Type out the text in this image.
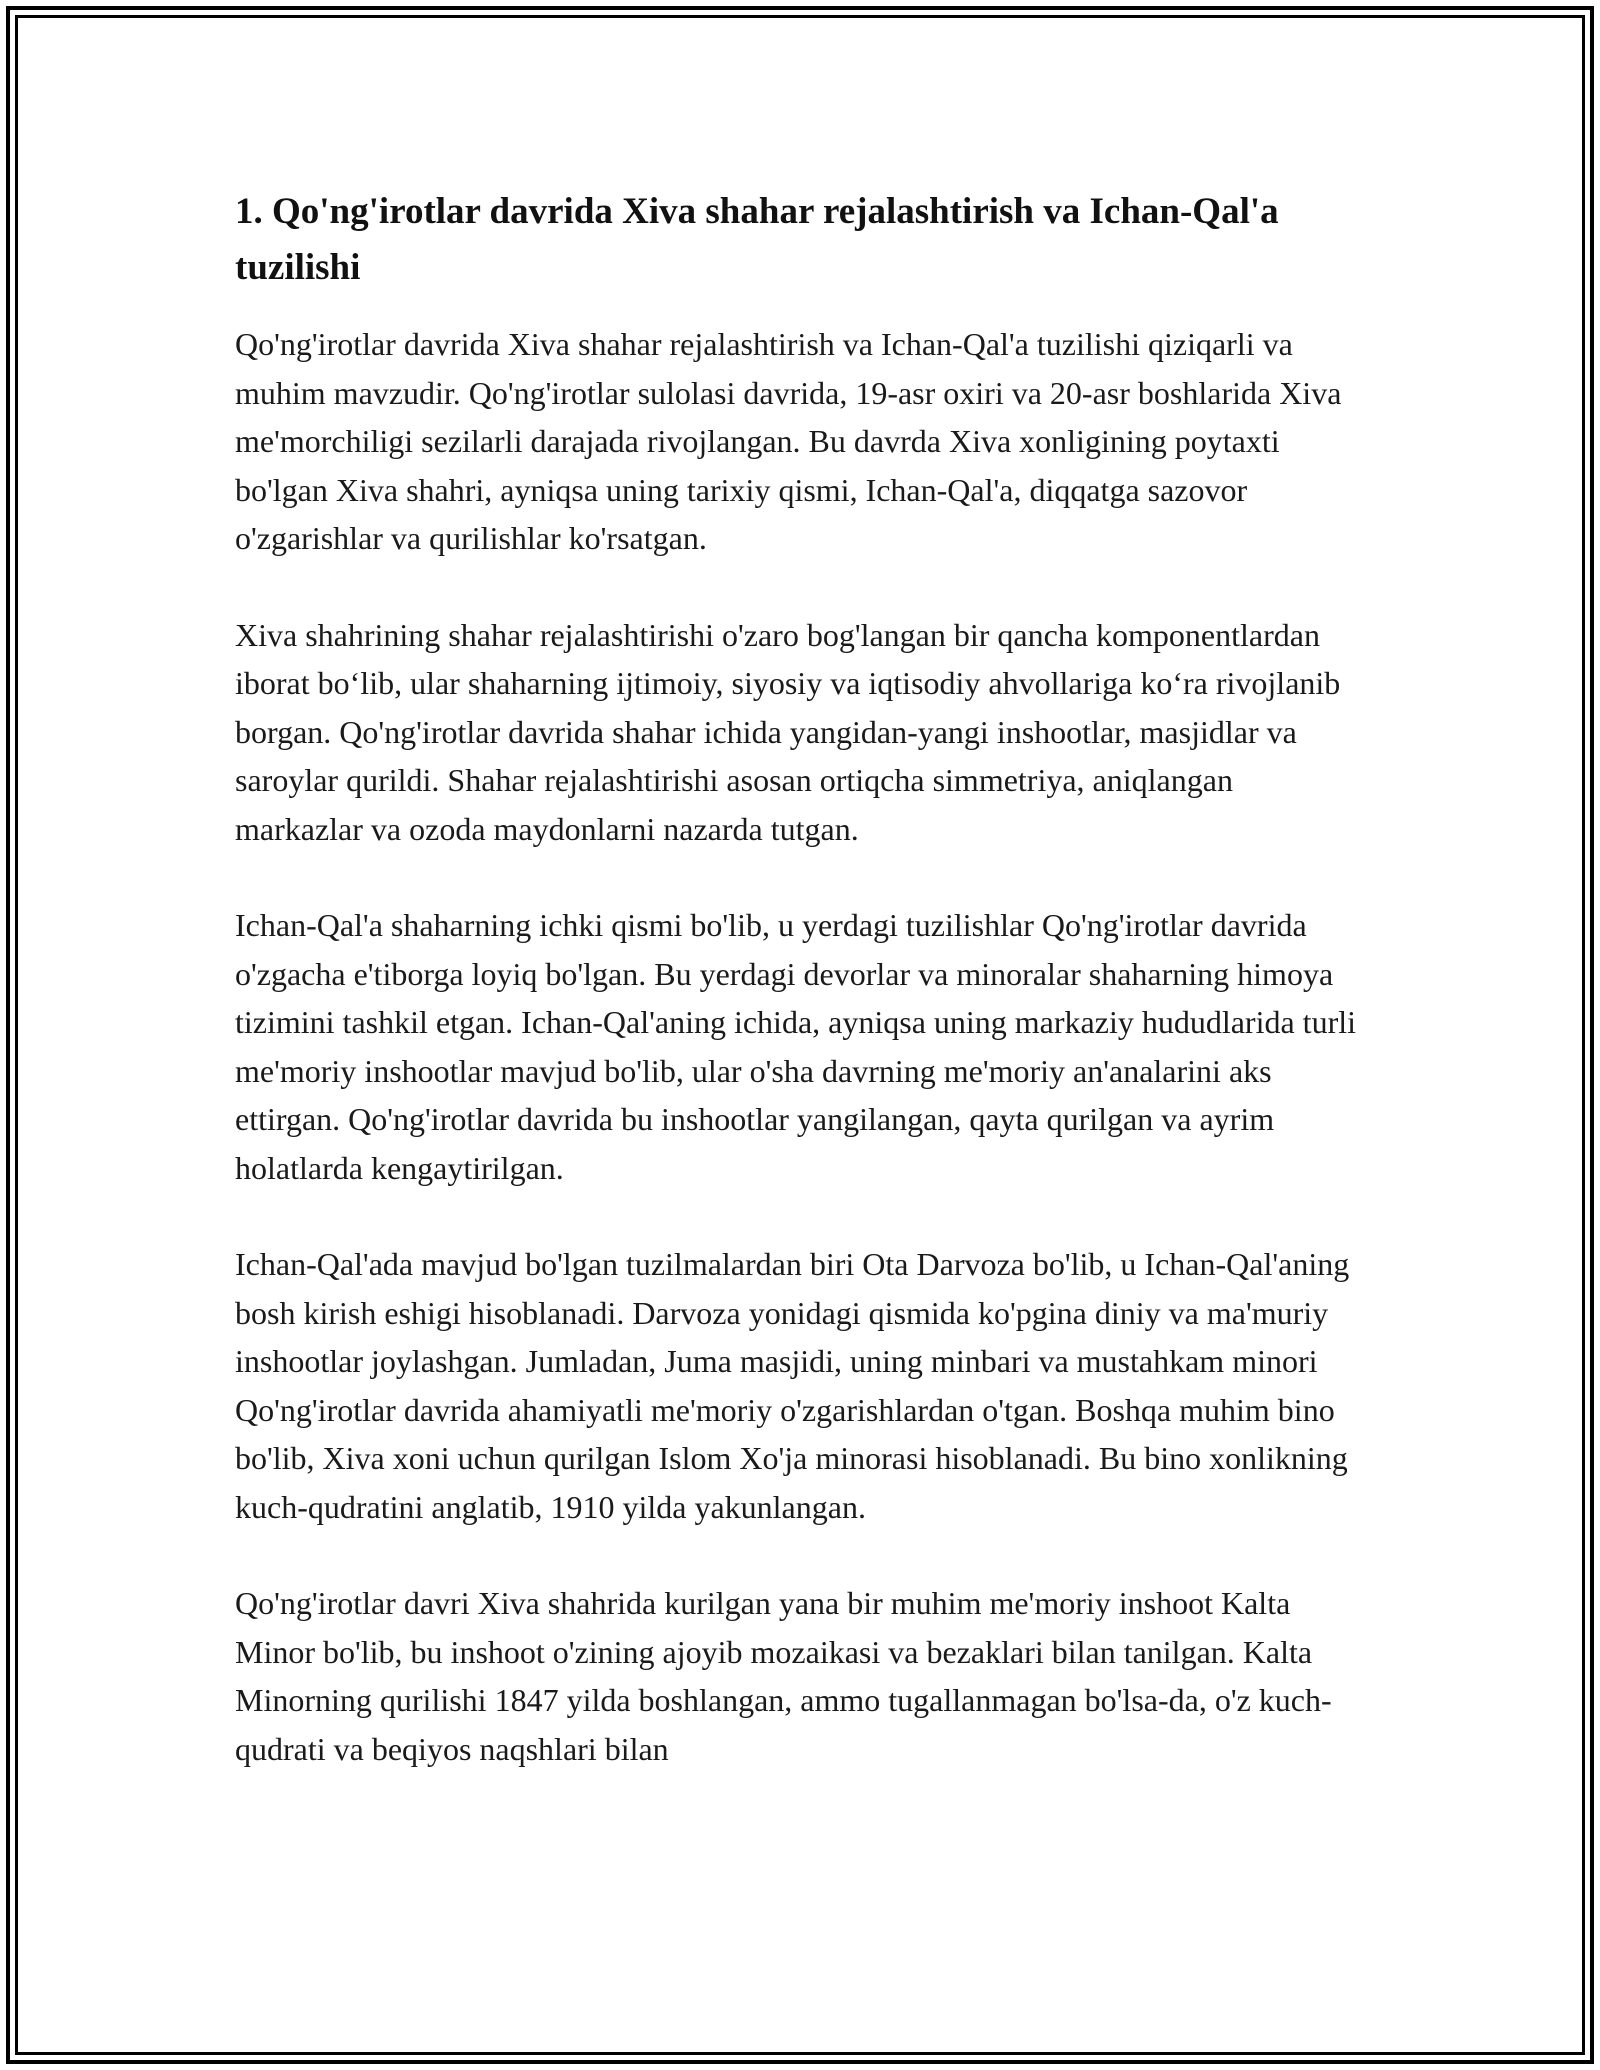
1. Qo'ng'irotlar davrida Xiva shahar rejalashtirish va Ichan-Qal'a tuzilishi

Qo'ng'irotlar davrida Xiva shahar rejalashtirish va Ichan-Qal'a tuzilishi qiziqarli va muhim mavzudir. Qo'ng'irotlar sulolasi davrida, 19-asr oxiri va 20-asr boshlarida Xiva me'morchiligi sezilarli darajada rivojlangan. Bu davrda Xiva xonligining poytaxti bo'lgan Xiva shahri, ayniqsa uning tarixiy qismi, Ichan-Qal'a, diqqatga sazovor o'zgarishlar va qurilishlar ko'rsatgan.

Xiva shahrining shahar rejalashtirishi o'zaro bog'langan bir qancha komponentlardan iborat bo‘lib, ular shaharning ijtimoiy, siyosiy va iqtisodiy ahvollariga ko‘ra rivojlanib borgan. Qo'ng'irotlar davrida shahar ichida yangidan-yangi inshootlar, masjidlar va saroylar qurildi. Shahar rejalashtirishi asosan ortiqcha simmetriya, aniqlangan markazlar va ozoda maydonlarni nazarda tutgan.

Ichan-Qal'a shaharning ichki qismi bo'lib, u yerdagi tuzilishlar Qo'ng'irotlar davrida o'zgacha e'tiborga loyiq bo'lgan. Bu yerdagi devorlar va minoralar shaharning himoya tizimini tashkil etgan. Ichan-Qal'aning ichida, ayniqsa uning markaziy hududlarida turli me'moriy inshootlar mavjud bo'lib, ular o'sha davrning me'moriy an'analarini aks ettirgan. Qo'ng'irotlar davrida bu inshootlar yangilangan, qayta qurilgan va ayrim holatlarda kengaytirilgan.

Ichan-Qal'ada mavjud bo'lgan tuzilmalardan biri Ota Darvoza bo'lib, u Ichan-Qal'aning bosh kirish eshigi hisoblanadi. Darvoza yonidagi qismida ko'pgina diniy va ma'muriy inshootlar joylashgan. Jumladan, Juma masjidi, uning minbari va mustahkam minori Qo'ng'irotlar davrida ahamiyatli me'moriy o'zgarishlardan o'tgan. Boshqa muhim bino bo'lib, Xiva xoni uchun qurilgan Islom Xo'ja minorasi hisoblanadi. Bu bino xonlikning kuch-qudratini anglatib, 1910 yilda yakunlangan.

Qo'ng'irotlar davri Xiva shahrida kurilgan yana bir muhim me'moriy inshoot Kalta Minor bo'lib, bu inshoot o'zining ajoyib mozaikasi va bezaklari bilan tanilgan. Kalta Minorning qurilishi 1847 yilda boshlangan, ammo tugallanmagan bo'lsa-da, o'z kuch-qudrati va beqiyos naqshlari bilan
